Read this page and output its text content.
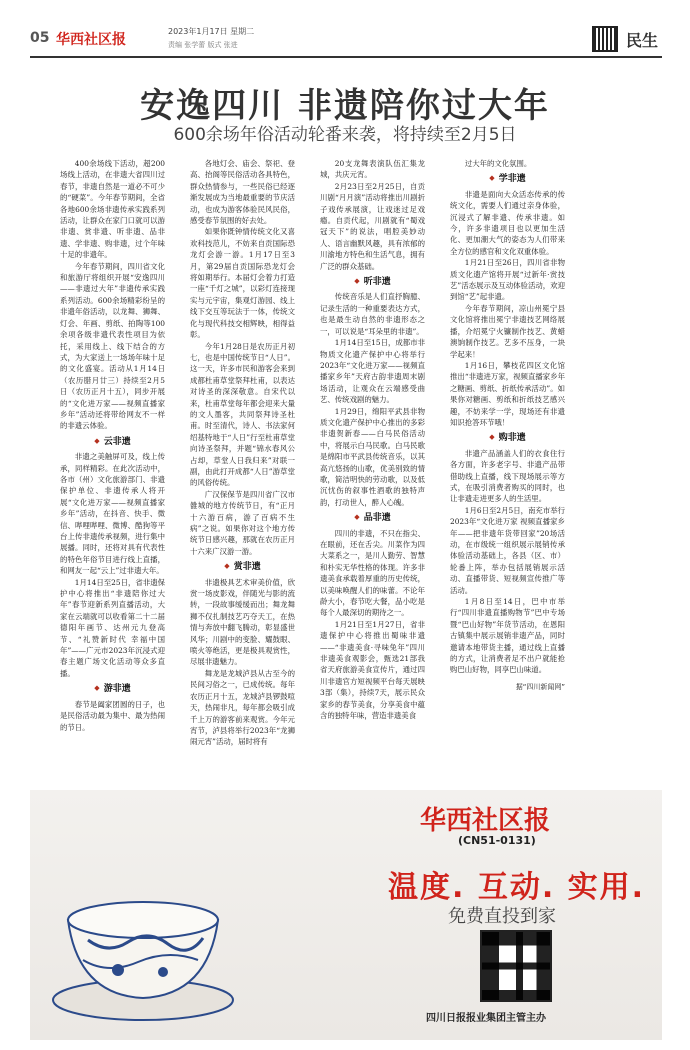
05 华西社区报
2023年1月17日 星期二
责编 张学蕾 版式 张进	民生
安逸四川 非遗陪你过大年
600余场年俗活动轮番来袭，将持续至2月5日

400余场线下活动，超200场线上活动，在非遗大省四川过春节，非遗自然是一道必不可少的“硬菜”。今年春节期间，全省各地600余场非遗传承实践系列活动，让群众在家门口就可以游非遗、赏非遗、听非遗、品非遗、学非遗、购非遗，过个年味十足的非遗年。

今年春节期间，四川省文化和旅游厅将组织开展“安逸四川——非遗过大年”非遗传承实践系列活动。600余场精彩纷呈的非遗年俗活动，以龙舞、狮舞、灯会、年画、剪纸、拍陶等100余项各级非遗代表性项目为依托，采用线上、线下结合的方式，为大家送上一场场年味十足的文化盛宴。活动从1月14日（农历腊月廿三）持续至2月5日（农历正月十五），同步开展的“文化进万家——视频直播家乡年”活动还将带给网友不一样的非遗云体验。

◆ 云非遗

非遗之美触屏可及，线上传承，同样精彩。在此次活动中，各市（州）文化旅游部门、非遗保护单位、非遗传承人将开展“文化进万家——视频直播家乡年”活动，在抖音、快手、微信、哔哩哔哩、微博、酷狗等平台上传非遗传承视频，进行集中展播。同时，还将对具有代表性的特色年俗节目进行线上直播，和网友一起“云上”过非遗大年。

1月14日至25日，省非遗保护中心将推出“非遗陪你过大年”春节迎新系列直播活动，大家在云端就可以收看第二十二届德阳年画节、达州元九登高节、“礼赞新时代 幸福中国年”——广元市2023年沉浸式迎春主题广场文化活动等众多直播。

◆ 游非遗

春节是阖家团圆的日子，也是民俗活动最为集中、最为热闹的节日。

各地灯会、庙会、祭祀、登高、抬阁等民俗活动各具特色，群众热情参与，一些民俗已经逐渐发展成为当地最重要的节庆活动，也成为游客体验民风民俗，感受春节氛围的好去处。

如果你既钟情传统文化又喜欢科技范儿，不妨来自贡国际恐龙灯会游一游。1月17日至3月，第29届自贡国际恐龙灯会将如期举行。本届灯会着力打造一座“千灯之城”，以彩灯连接现实与元宇宙，集观灯游园、线上线下交互等玩法于一体，传统文化与现代科技交相辉映，相得益彰。

今年1月28日是农历正月初七，也是中国传统节日“人日”。这一天，许多市民和游客会来到成都杜甫草堂祭拜杜甫，以表达对诗圣的深深敬意。自宋代以来，杜甫草堂每年都会迎来大量的文人墨客，共同祭拜诗圣杜甫。时至清代，诗人、书法家何绍基特地于“人日”行至杜甫草堂向诗圣祭拜，并题“锦水春风公占却，草堂人日我归来”对联一副，由此打开成都“人日”游草堂的风俗传统。

广汉保保节是四川省广汉市雒城的地方传统节日，有“正月十六游百病，游了百病不生病”之说。如果你对这个地方传统节日感兴趣，那就在农历正月十六来广汉游一游。

◆ 赏非遗

非遗极具艺术审美价值，欣赏一场皮影戏，伴随光与影的流转，一段故事缓缓而出；舞龙舞狮不仅扎制技艺巧夺天工，在热情与奔放中翻飞腾动，彰显盛世风华；川剧中的变脸、耀鼓眼、喷火等绝活，更是极具观赏性，尽展非遗魅力。

舞龙是龙城泸县从古至今的民间习俗之一，已成传统。每年农历正月十五，龙城泸县锣鼓喧天，热闹非凡，每年都会吸引成千上万的游客前来观赏。今年元宵节，泸县将举行2023年“龙狮闹元宵”活动，届时将有

20支龙舞表演队伍汇集龙城，共庆元宵。

2月23日至2月25日，自贡川剧“月月演”活动将推出川剧折子戏传承展演，让戏迷过足戏瘾。自贡代起，川剧就有“蜀戏冠天下”的说法，唱腔美妙动人、语言幽默风趣，具有浓郁的川渝地方特色和生活气息，拥有广泛的群众基础。

◆ 听非遗

传统音乐是人们直抒胸臆、记录生活的一种重要表达方式，也是最生动自然的非遗形态之一，可以说是“耳朵里的非遗”。

1月14日至15日，成都市非物质文化遗产保护中心将举行2023年“文化进万家——视频直播家乡年”天府古韵非遗周末剧场活动，让观众在云端感受曲艺、传统戏剧的魅力。

1月29日，绵阳平武县非物质文化遗产保护中心推出的多彩非遗贺新春——白马民俗活动中，将展示白马民歌。白马民歌是绵阳市平武县传统音乐，以其高亢悠扬的山歌，优美别致的情歌，简洁明快的劳动歌，以及低沉忧伤的叙事性酒歌的独特声韵，打动世人，醉人心魄。

◆ 品非遗

四川的非遗，不只在指尖、在眼前，还在舌尖。川菜作为四大菜系之一，是川人勤劳、智慧和朴实无华性格的体现。许多非遗美食承载着厚重的历史传统，以美味唤醒人们的味蕾。不论年龄大小，春节吃大餐，品小吃是每个人最深切的期待之一。

1月21日至1月27日，省非遗保护中心将推出蜀味非遗——“非遗美食·寻味兔年”四川非遗美食观影会，甄选21部我省天府旅游美食宣传片，通过四川非遗官方短视频平台每天展映3部（集），持续7天，展示民众家乡的春节美食，分享美食中蕴含的独特年味，营造非遗美食

过大年的文化氛围。

◆ 学非遗

非遗是面向大众活态传承的传统文化，需要人们通过亲身体验，沉浸式了解非遗、传承非遗。如今，许多非遗项目也以更加生活化、更加潮大气的姿态为人们带来全方位的感官和文化双重体验。

1月21日至26日，四川省非物质文化遗产馆将开展“过新年·赏技艺”活态展示及互动体验活动，欢迎到馆“艺”起非遗。

今年春节期间，凉山州冕宁县文化馆将推出冕宁非遗技艺网络展播，介绍冕宁火镰制作技艺、黄蜡澳饷制作技艺。艺多不压身，一块学起来！

1月16日，攀枝花四区文化馆推出“非遗进万家，视频直播家乡年之糖画、剪纸、折纸传承活动”。如果你对糖画、剪纸和折纸技艺感兴趣，不妨来学一学，现场还有非遗知识抢答环节哦！

◆ 购非遗

非遗产品涵盖人们的衣食住行各方面，许多老字号、非遗产品带借助线上直播，线下现场展示等方式，在吸引消费者购买的同时，也让非遗走进更多人的生活里。

1月6日至2月5日，南充市举行2023年“文化进万家 视频直播家乡年——把非遗年货带回家”20场活动，在市级统一组织展示展销传承体验活动基础上，各县（区、市）轮番上阵，举办包括展销展示活动、直播带货、短视频宣传推广等活动。

1月8日至14日，巴中市举行“四川非遗直播购物节”巴中专场暨“巴山好物”年货节活动，在恩阳古镇集中展示展销非遗产品，同时邀请本地带货主播，通过线上直播的方式，让消费者足不出户就能抢购巴山好物，同享巴山味道。

据“四川新闻网”
华西社区报
(CN51-0131)
温度. 互动. 实用.
免费直投到家
四川日报报业集团主管主办
